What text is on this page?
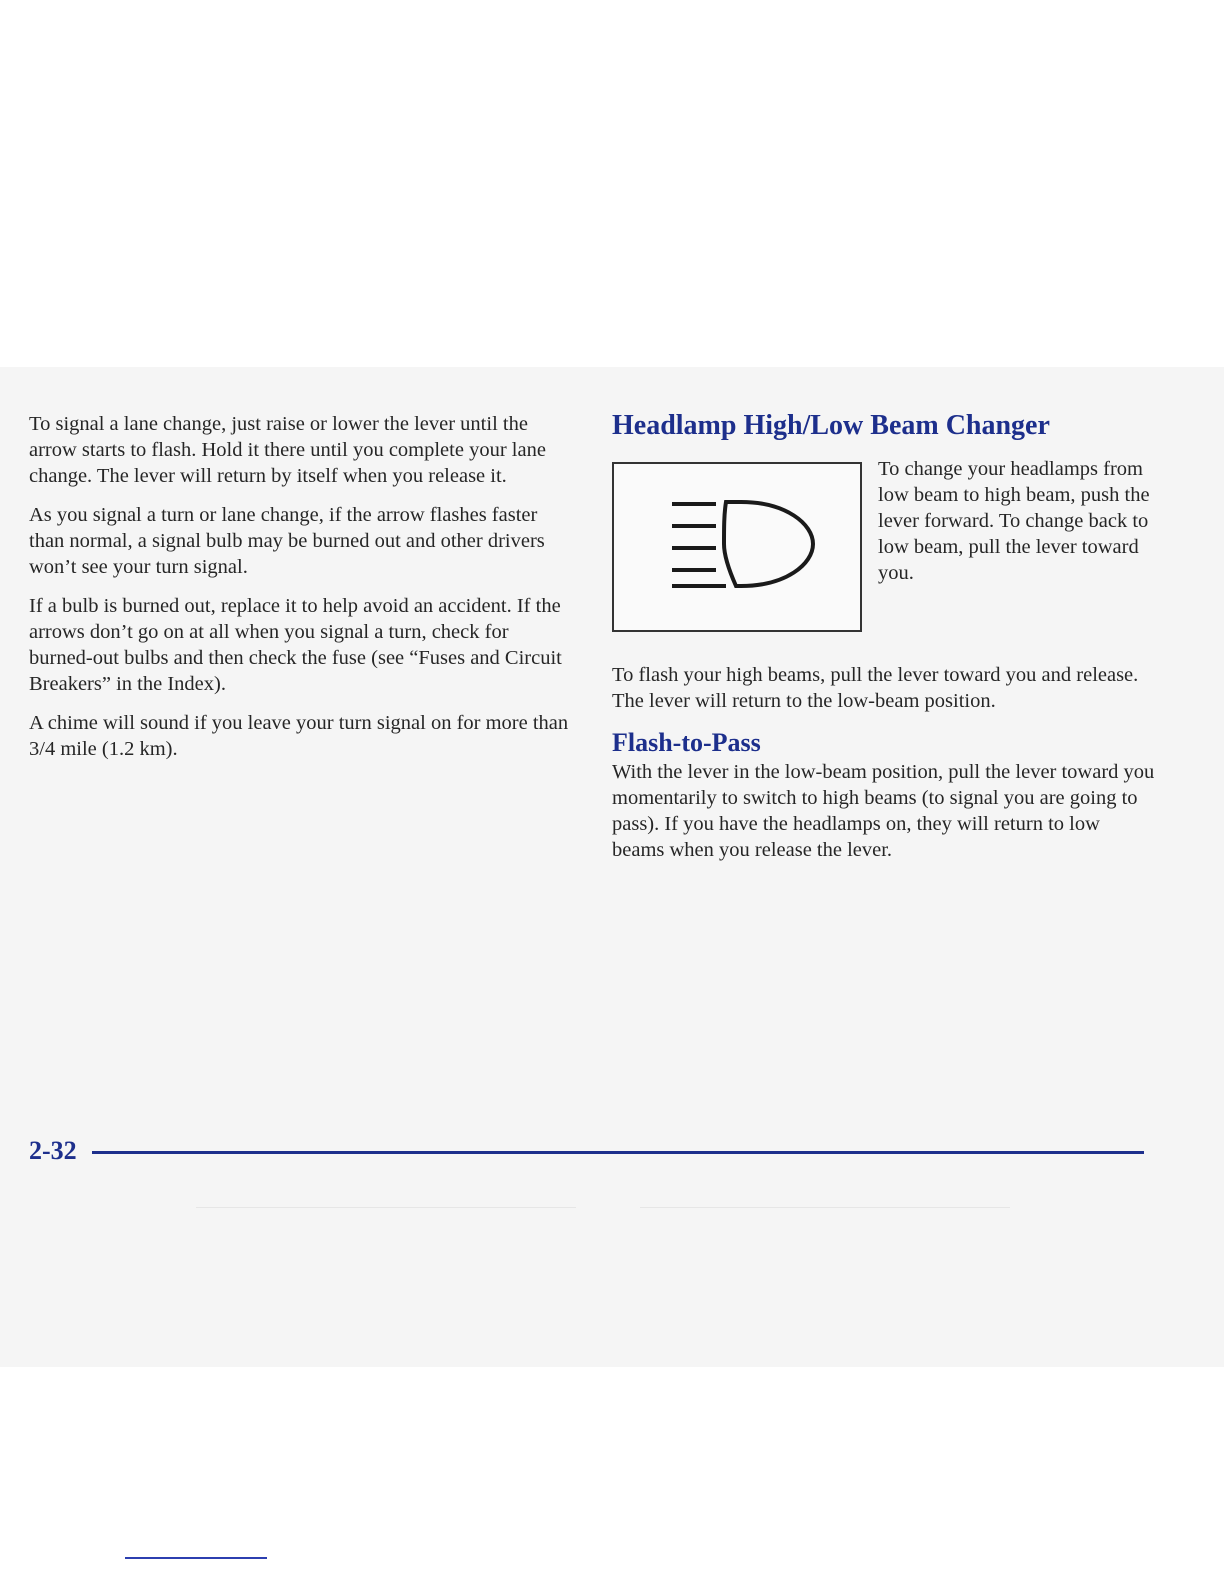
To signal a lane change, just raise or lower the lever until the arrow starts to flash. Hold it there until you complete your lane change. The lever will return by itself when you release it.

As you signal a turn or lane change, if the arrow flashes faster than normal, a signal bulb may be burned out and other drivers won’t see your turn signal.

If a bulb is burned out, replace it to help avoid an accident. If the arrows don’t go on at all when you signal a turn, check for burned-out bulbs and then check the fuse (see “Fuses and Circuit Breakers” in the Index).

A chime will sound if you leave your turn signal on for more than 3/4 mile (1.2 km).

Headlamp High/Low Beam Changer
To change your headlamps from low beam to high beam, push the lever forward. To change back to low beam, pull the lever toward you.

To flash your high beams, pull the lever toward you and release. The lever will return to the low-beam position.

Flash-to-Pass

With the lever in the low-beam position, pull the lever toward you momentarily to switch to high beams (to signal you are going to pass). If you have the headlamps on, they will return to low beams when you release the lever.

2-32
